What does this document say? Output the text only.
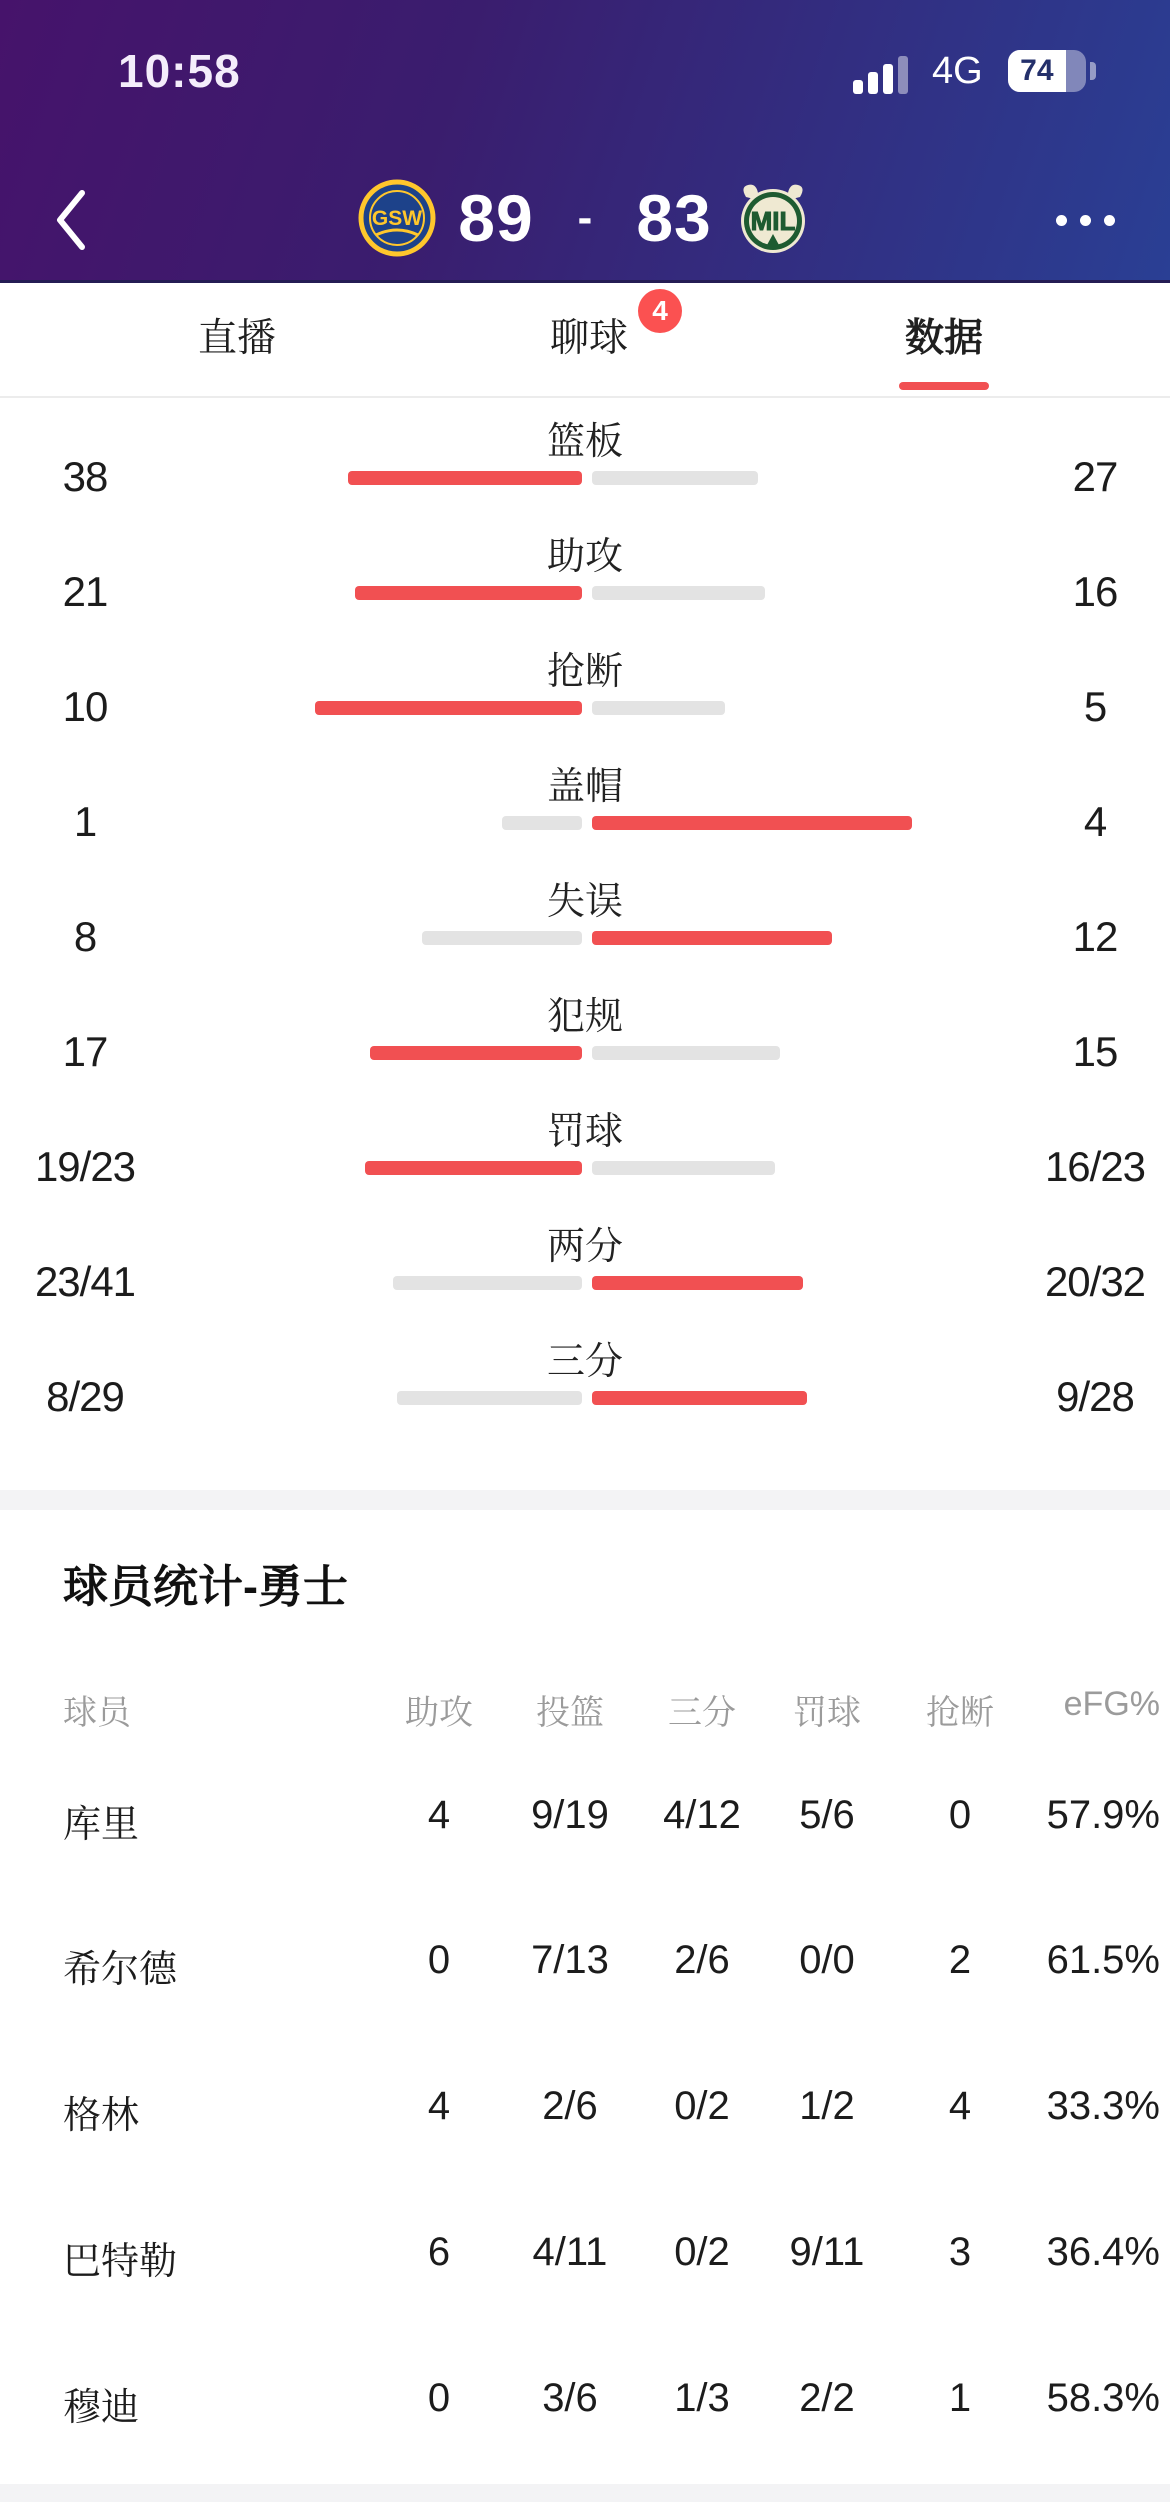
10:58	4G	74
GSW 89 - 83 MIL
直播	聊球
4
数据
篮板
38	27
助攻
21	16
抢断
10	5
盖帽
1	4
失误
8	12
犯规
17	15
罚球
19/23	16/23
两分
23/41	20/32
三分
8/29	9/28
球员统计-勇士
球员	助攻	投篮	三分	罚球	抢断	eFG%
库里	4	9/19	4/12	5/6	0	57.9%
希尔德	0	7/13	2/6	0/0	2	61.5%
格林	4	2/6	0/2	1/2	4	33.3%
巴特勒	6	4/11	0/2	9/11	3	36.4%
穆迪	0	3/6	1/3	2/2	1	58.3%
